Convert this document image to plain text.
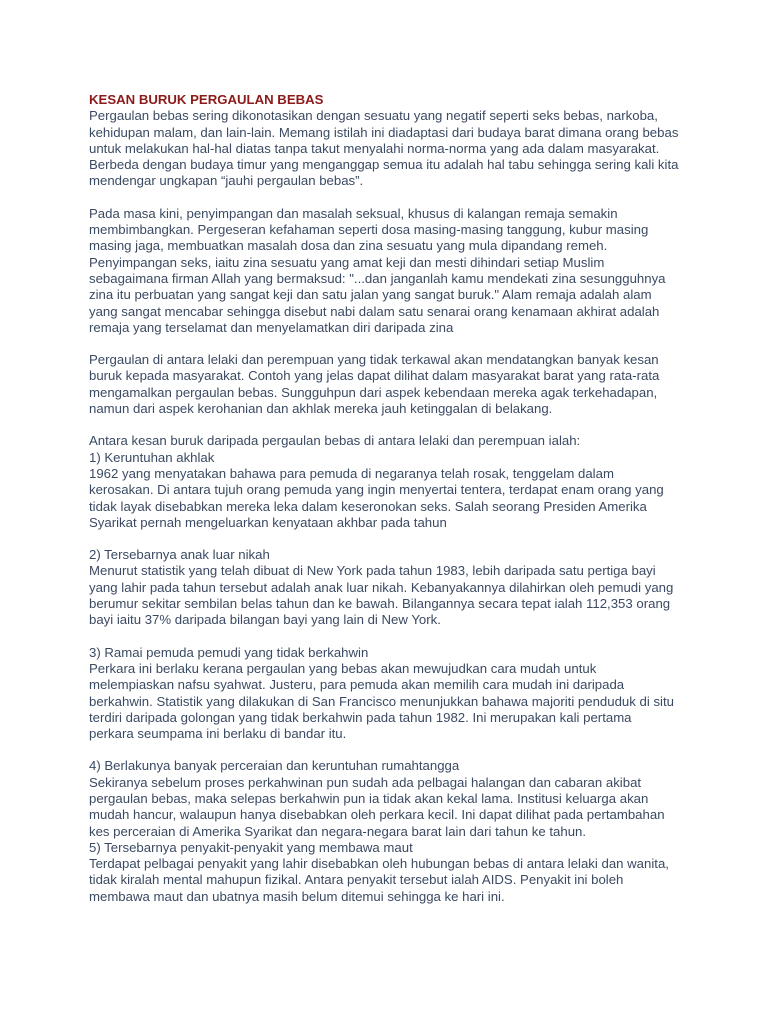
KESAN BURUK PERGAULAN BEBAS

Pergaulan bebas sering dikonotasikan dengan sesuatu yang negatif seperti seks bebas, narkoba, kehidupan malam, dan lain-lain. Memang istilah ini diadaptasi dari budaya barat dimana orang bebas untuk melakukan hal-hal diatas tanpa takut menyalahi norma-norma yang ada dalam masyarakat. Berbeda dengan budaya timur yang menganggap semua itu adalah hal tabu sehingga sering kali kita mendengar ungkapan “jauhi pergaulan bebas”.

Pada masa kini, penyimpangan dan masalah seksual, khusus di kalangan remaja semakin membimbangkan. Pergeseran kefahaman seperti dosa masing-masing tanggung, kubur masing masing jaga, membuatkan masalah dosa dan zina sesuatu yang mula dipandang remeh. Penyimpangan seks, iaitu zina sesuatu yang amat keji dan mesti dihindari setiap Muslim sebagaimana firman Allah yang bermaksud: "...dan janganlah kamu mendekati zina sesungguhnya zina itu perbuatan yang sangat keji dan satu jalan yang sangat buruk." Alam remaja adalah alam yang sangat mencabar sehingga disebut nabi dalam satu senarai orang kenamaan akhirat adalah remaja yang terselamat dan menyelamatkan diri daripada zina

Pergaulan di antara lelaki dan perempuan yang tidak terkawal akan mendatangkan banyak kesan buruk kepada masyarakat. Contoh yang jelas dapat dilihat dalam masyarakat barat yang rata-rata mengamalkan pergaulan bebas. Sungguhpun dari aspek kebendaan mereka agak terkehadapan, namun dari aspek kerohanian dan akhlak mereka jauh ketinggalan di belakang.

Antara kesan buruk daripada pergaulan bebas di antara lelaki dan perempuan ialah:

1) Keruntuhan akhlak
1962 yang menyatakan bahawa para pemuda di negaranya telah rosak, tenggelam dalam kerosakan. Di antara tujuh orang pemuda yang ingin menyertai tentera, terdapat enam orang yang tidak layak disebabkan mereka leka dalam keseronokan seks. Salah seorang Presiden Amerika Syarikat pernah mengeluarkan kenyataan akhbar pada tahun
2) Tersebarnya anak luar nikah
Menurut statistik yang telah dibuat di New York pada tahun 1983, lebih daripada satu pertiga bayi yang lahir pada tahun tersebut adalah anak luar nikah. Kebanyakannya dilahirkan oleh pemudi yang berumur sekitar sembilan belas tahun dan ke bawah. Bilangannya secara tepat ialah 112,353 orang bayi iaitu 37% daripada bilangan bayi yang lain di New York.
3) Ramai pemuda pemudi yang tidak berkahwin
Perkara ini berlaku kerana pergaulan yang bebas akan mewujudkan cara mudah untuk melempiaskan nafsu syahwat. Justeru, para pemuda akan memilih cara mudah ini daripada berkahwin. Statistik yang dilakukan di San Francisco menunjukkan bahawa majoriti penduduk di situ terdiri daripada golongan yang tidak berkahwin pada tahun 1982. Ini merupakan kali pertama perkara seumpama ini berlaku di bandar itu.
4) Berlakunya banyak perceraian dan keruntuhan rumahtangga
Sekiranya sebelum proses perkahwinan pun sudah ada pelbagai halangan dan cabaran akibat pergaulan bebas, maka selepas berkahwin pun ia tidak akan kekal lama. Institusi keluarga akan mudah hancur, walaupun hanya disebabkan oleh perkara kecil. Ini dapat dilihat pada pertambahan kes perceraian di Amerika Syarikat dan negara-negara barat lain dari tahun ke tahun.
5) Tersebarnya penyakit-penyakit yang membawa maut
Terdapat pelbagai penyakit yang lahir disebabkan oleh hubungan bebas di antara lelaki dan wanita, tidak kiralah mental mahupun fizikal. Antara penyakit tersebut ialah AIDS. Penyakit ini boleh membawa maut dan ubatnya masih belum ditemui sehingga ke hari ini.
